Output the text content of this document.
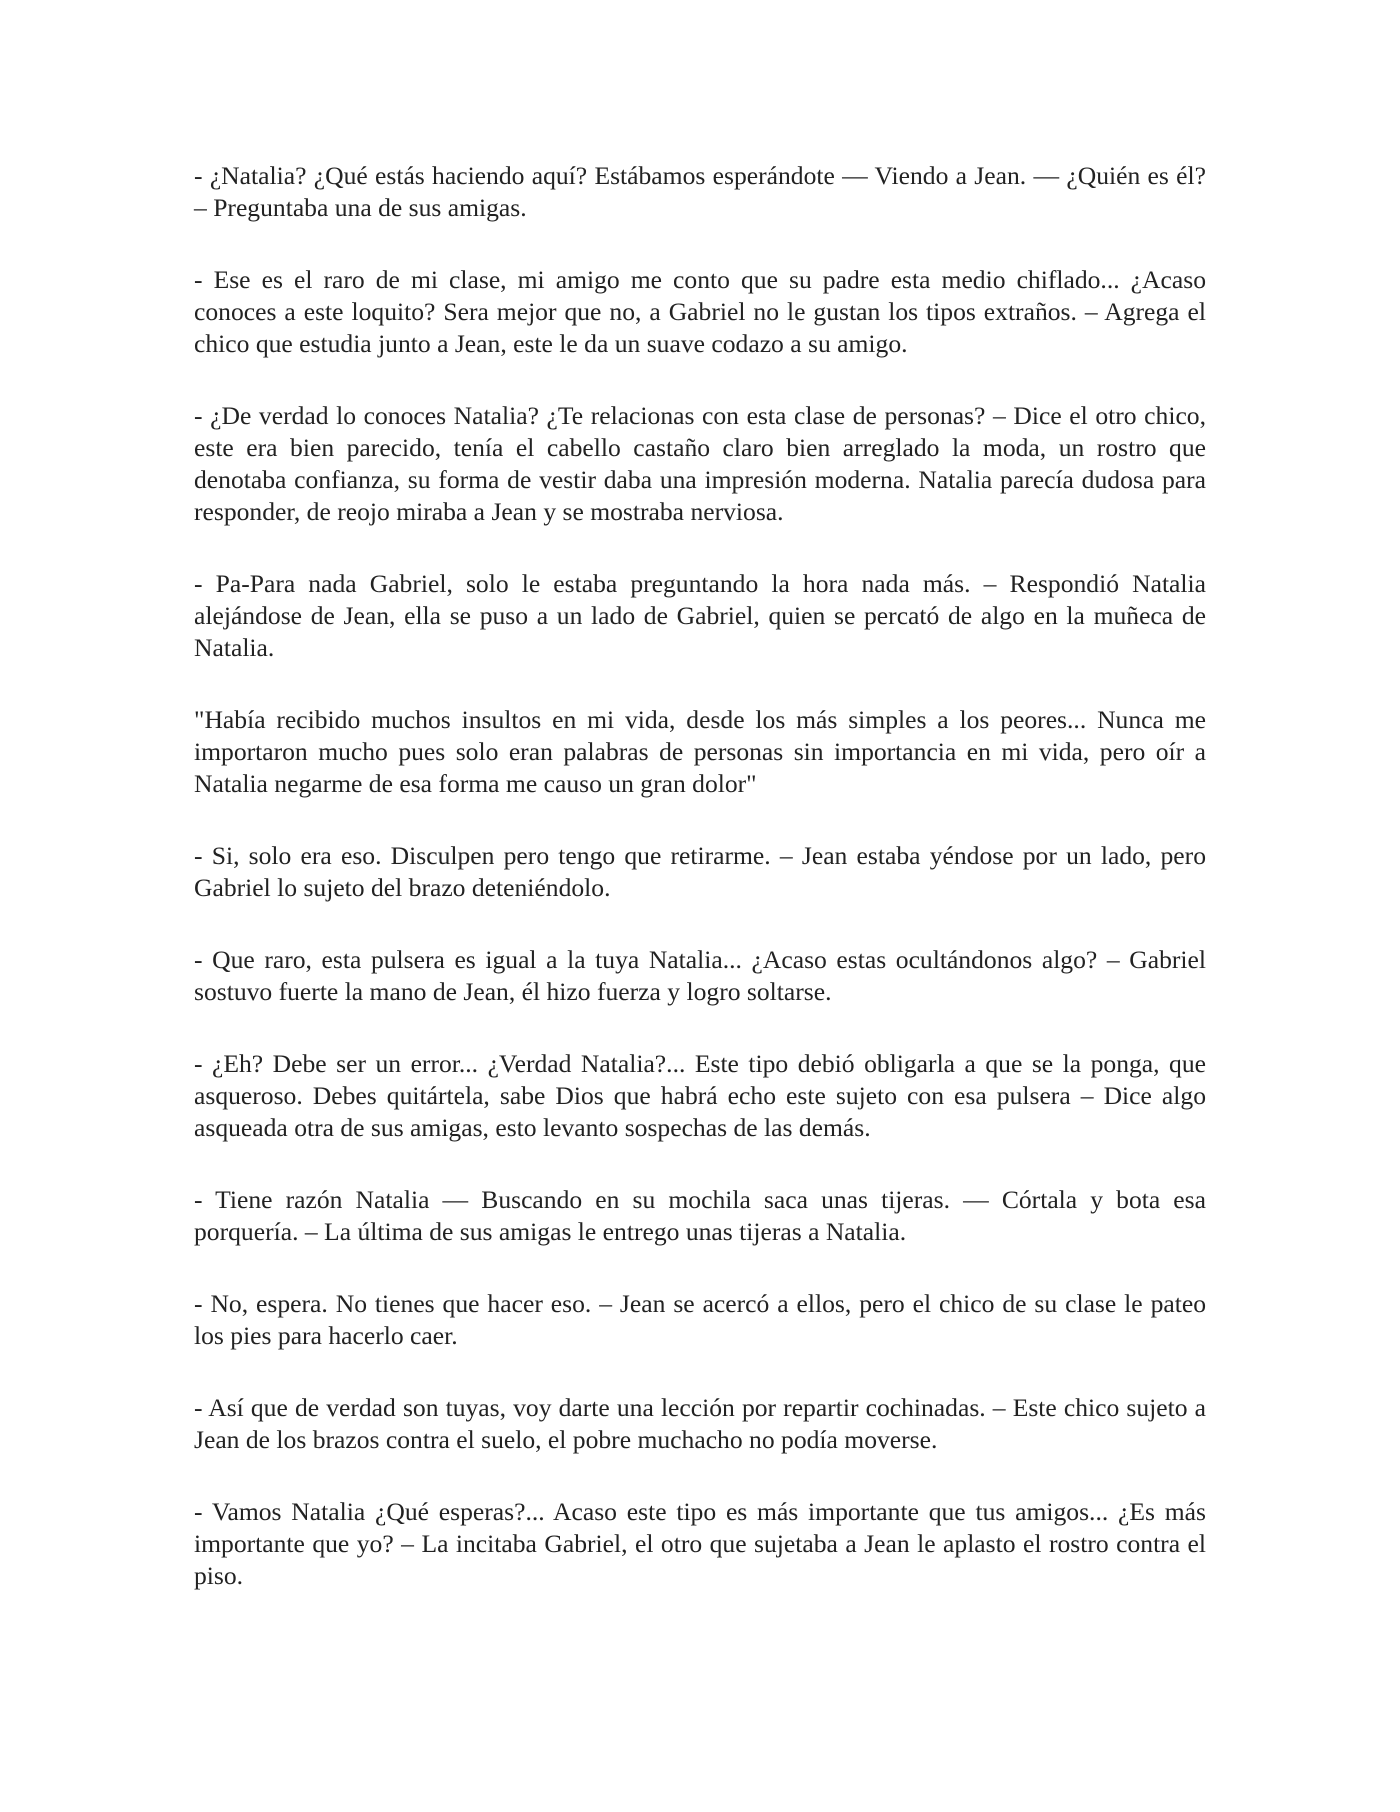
- ¿Natalia? ¿Qué estás haciendo aquí? Estábamos esperándote — Viendo a Jean. — ¿Quién es él? – Preguntaba una de sus amigas.

- Ese es el raro de mi clase, mi amigo me conto que su padre esta medio chiflado... ¿Acaso conoces a este loquito? Sera mejor que no, a Gabriel no le gustan los tipos extraños. – Agrega el chico que estudia junto a Jean, este le da un suave codazo a su amigo.

- ¿De verdad lo conoces Natalia? ¿Te relacionas con esta clase de personas? – Dice el otro chico, este era bien parecido, tenía el cabello castaño claro bien arreglado la moda, un rostro que denotaba confianza, su forma de vestir daba una impresión moderna. Natalia parecía dudosa para responder, de reojo miraba a Jean y se mostraba nerviosa.

- Pa-Para nada Gabriel, solo le estaba preguntando la hora nada más. – Respondió Natalia alejándose de Jean, ella se puso a un lado de Gabriel, quien se percató de algo en la muñeca de Natalia.

"Había recibido muchos insultos en mi vida, desde los más simples a los peores... Nunca me importaron mucho pues solo eran palabras de personas sin importancia en mi vida, pero oír a Natalia negarme de esa forma me causo un gran dolor"

- Si, solo era eso. Disculpen pero tengo que retirarme. – Jean estaba yéndose por un lado, pero Gabriel lo sujeto del brazo deteniéndolo.

- Que raro, esta pulsera es igual a la tuya Natalia... ¿Acaso estas ocultándonos algo? – Gabriel sostuvo fuerte la mano de Jean, él hizo fuerza y logro soltarse.

- ¿Eh? Debe ser un error... ¿Verdad Natalia?... Este tipo debió obligarla a que se la ponga, que asqueroso. Debes quitártela, sabe Dios que habrá echo este sujeto con esa pulsera – Dice algo asqueada otra de sus amigas, esto levanto sospechas de las demás.

- Tiene razón Natalia — Buscando en su mochila saca unas tijeras. — Córtala y bota esa porquería. – La última de sus amigas le entrego unas tijeras a Natalia.

- No, espera. No tienes que hacer eso. – Jean se acercó a ellos, pero el chico de su clase le pateo los pies para hacerlo caer.

- Así que de verdad son tuyas, voy darte una lección por repartir cochinadas. – Este chico sujeto a Jean de los brazos contra el suelo, el pobre muchacho no podía moverse.

- Vamos Natalia ¿Qué esperas?... Acaso este tipo es más importante que tus amigos... ¿Es más importante que yo? – La incitaba Gabriel, el otro que sujetaba a Jean le aplasto el rostro contra el piso.
